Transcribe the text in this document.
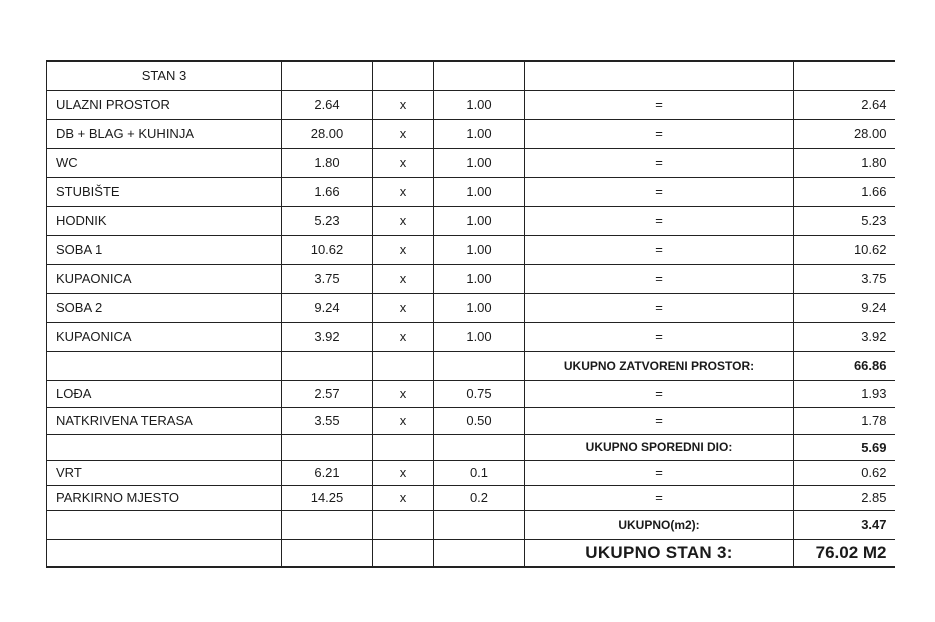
STAN 3					
ULAZNI PROSTOR	2.64	x	1.00	=	2.64
DB + BLAG + KUHINJA	28.00	x	1.00	=	28.00
WC	1.80	x	1.00	=	1.80
STUBIŠTE	1.66	x	1.00	=	1.66
HODNIK	5.23	x	1.00	=	5.23
SOBA 1	10.62	x	1.00	=	10.62
KUPAONICA	3.75	x	1.00	=	3.75
SOBA 2	9.24	x	1.00	=	9.24
KUPAONICA	3.92	x	1.00	=	3.92
				UKUPNO ZATVORENI PROSTOR:	66.86
LOĐA	2.57	x	0.75	=	1.93
NATKRIVENA TERASA	3.55	x	0.50	=	1.78
				UKUPNO SPOREDNI DIO:	5.69
VRT	6.21	x	0.1	=	0.62
PARKIRNO MJESTO	14.25	x	0.2	=	2.85
				UKUPNO(m2):	3.47
				UKUPNO STAN 3:	76.02 M2
